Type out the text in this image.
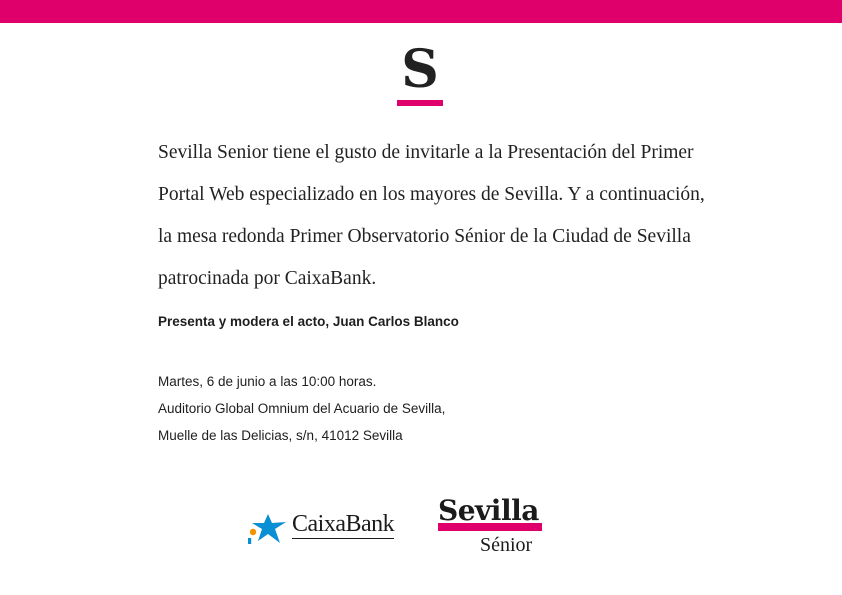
S
Sevilla Senior tiene el gusto de invitarle a la Presentación del Primer
Portal Web especializado en los mayores de Sevilla. Y a continuación,
la mesa redonda Primer Observatorio Sénior de la Ciudad de Sevilla
patrocinada por CaixaBank.
Presenta y modera el acto, Juan Carlos Blanco
Martes, 6 de junio a las 10:00 horas.
Auditorio Global Omnium del Acuario de Sevilla,
Muelle de las Delicias, s/n, 41012 Sevilla
CaixaBank Sevilla
Sénior
